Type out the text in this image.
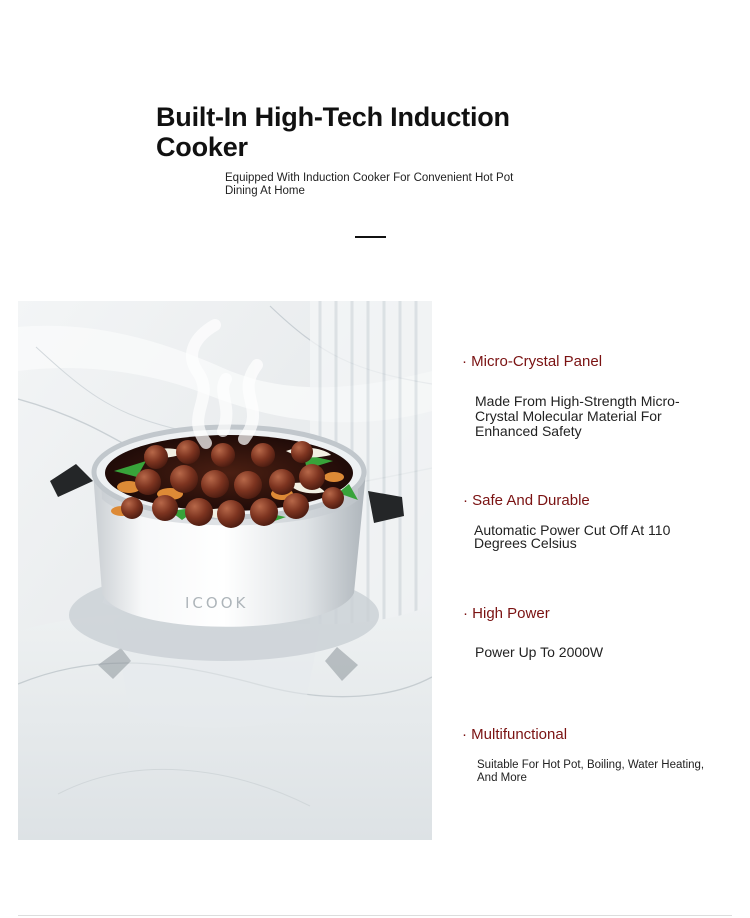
Built-In High-Tech Induction Cooker

Equipped With Induction Cooker For Convenient Hot Pot Dining At Home

ICOOK
· Micro-Crystal Panel

Made From High-Strength Micro-Crystal Molecular Material For Enhanced Safety

· Safe And Durable

Automatic Power Cut Off At 110 Degrees Celsius

· High Power

Power Up To 2000W

· Multifunctional

Suitable For Hot Pot, Boiling, Water Heating, And More
